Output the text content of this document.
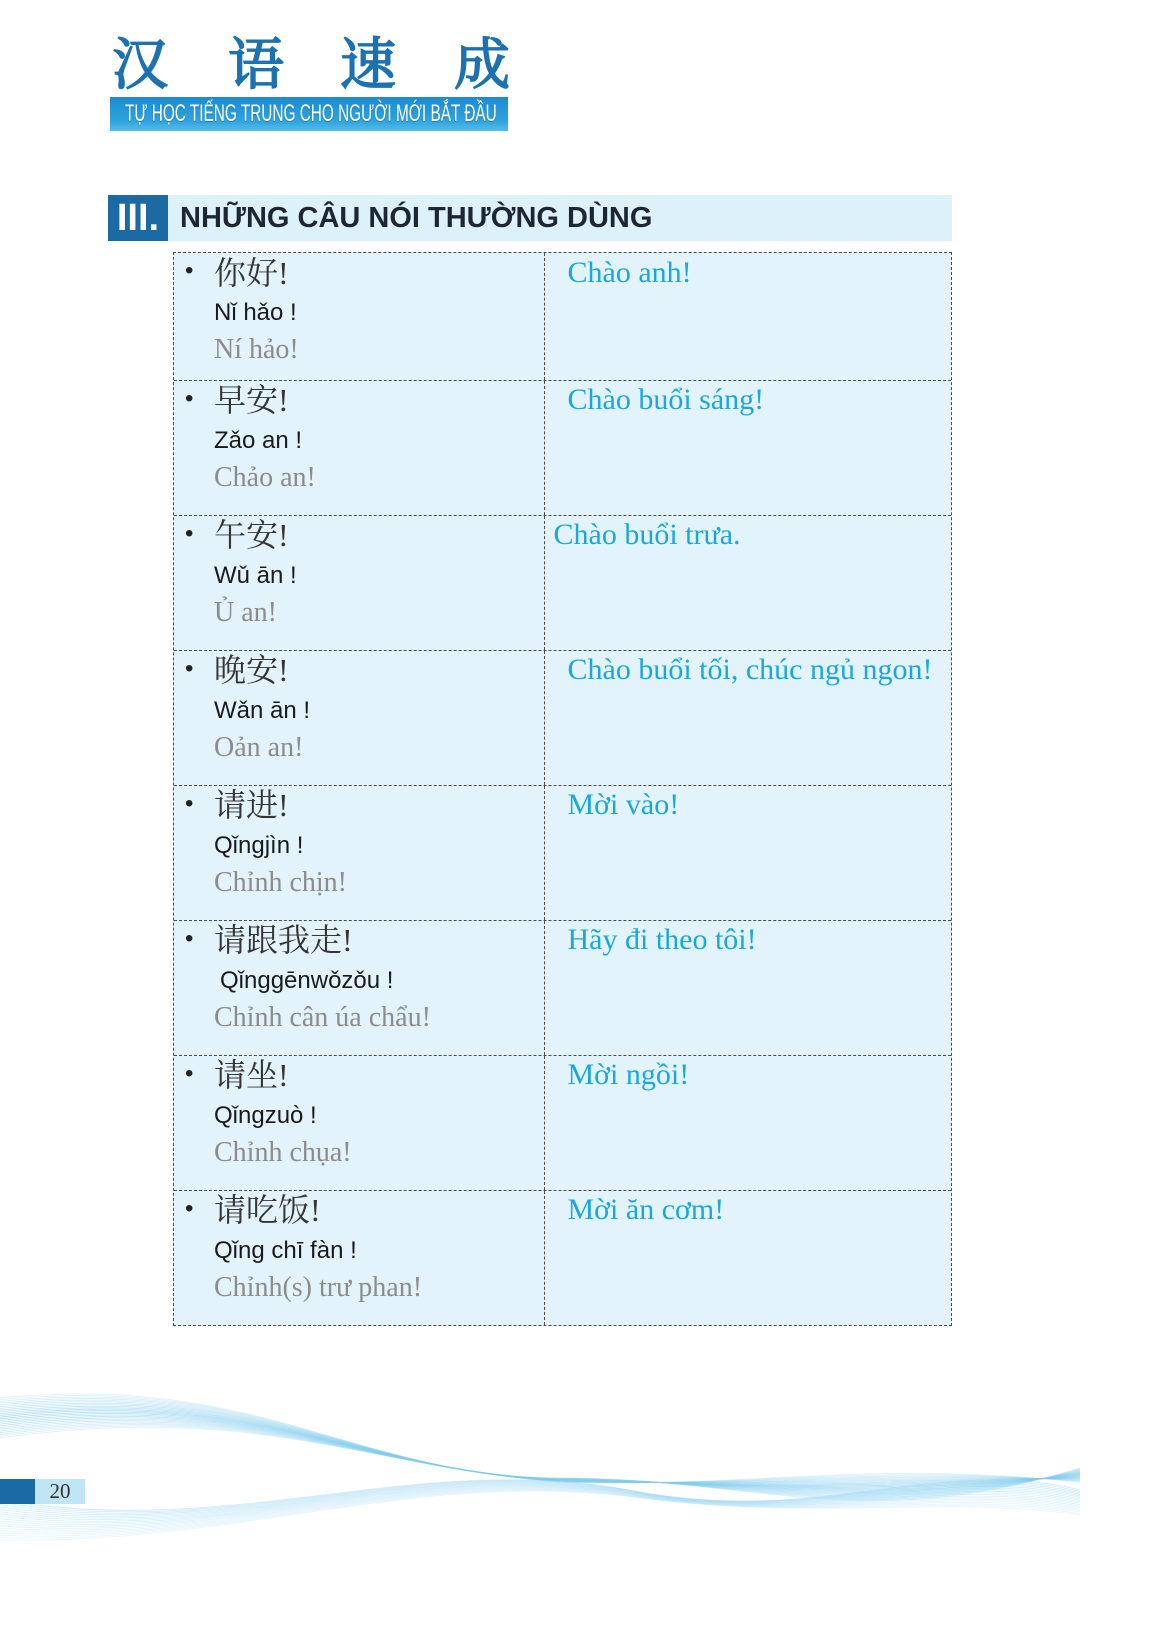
汉 语 速 成
TỰ HỌC TIẾNG TRUNG CHO NGƯỜI MỚI BẮT ĐẦU
III. NHỮNG CÂU NÓI THƯỜNG DÙNG
• 你好!
Nǐ hǎo !
Ní hảo!
Chào anh!
• 早安!
Zǎo an !
Chảo an!
Chào buổi sáng!
• 午安!
Wǔ ān !
Ủ an!
Chào buổi trưa.
• 晚安!
Wǎn ān !
Oản an!
Chào buổi tối, chúc ngủ ngon!
• 请进!
Qǐngjìn !
Chỉnh chịn!
Mời vào!
• 请跟我走!
Qǐnggēnwǒzǒu !
Chỉnh cân úa chẩu!
Hãy đi theo tôi!
• 请坐!
Qǐngzuò !
Chỉnh chụa!
Mời ngồi!
• 请吃饭!
Qǐng chī fàn !
Chỉnh(s) trư phan!
Mời ăn cơm!
20
